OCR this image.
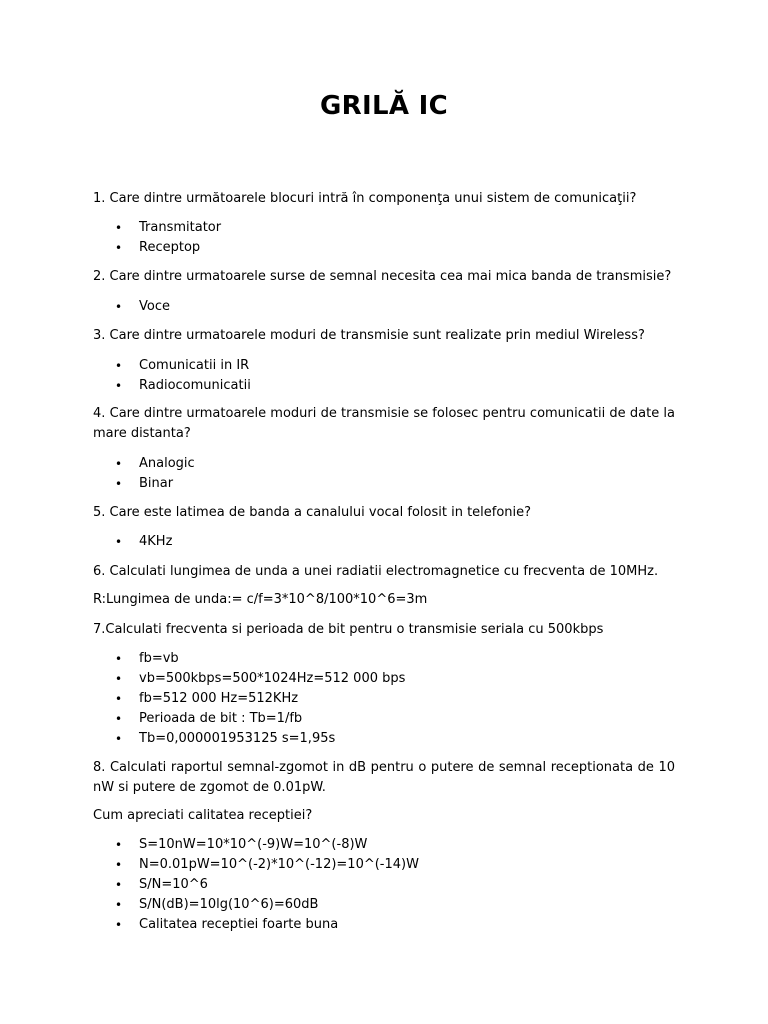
GRILĂ IC
1. Care dintre următoarele blocuri intră în componenţa unui sistem de comunicaţii?
• Transmitator
• Receptop
2. Care dintre urmatoarele surse de semnal necesita cea mai mica banda de transmisie?
• Voce
3. Care dintre urmatoarele moduri de transmisie sunt realizate prin mediul Wireless?
• Comunicatii in IR
• Radiocomunicatii
4. Care dintre urmatoarele moduri de transmisie se folosec pentru comunicatii de date la mare distanta?
• Analogic
• Binar
5. Care este latimea de banda a canalului vocal folosit in telefonie?
• 4KHz
6. Calculati lungimea de unda a unei radiatii electromagnetice cu frecventa de 10MHz.
R:Lungimea de unda:= c/f=3*10^8/100*10^6=3m
7.Calculati frecventa si perioada de bit pentru o transmisie seriala cu 500kbps
• fb=vb
• vb=500kbps=500*1024Hz=512 000 bps
• fb=512 000 Hz=512KHz
• Perioada de bit : Tb=1/fb
• Tb=0,000001953125 s=1,95s
8. Calculati raportul semnal-zgomot in dB pentru o putere de semnal receptionata de 10 nW si putere de zgomot de 0.01pW.
Cum apreciati calitatea receptiei?
• S=10nW=10*10^(-9)W=10^(-8)W
• N=0.01pW=10^(-2)*10^(-12)=10^(-14)W
• S/N=10^6
• S/N(dB)=10lg(10^6)=60dB
• Calitatea receptiei foarte buna
